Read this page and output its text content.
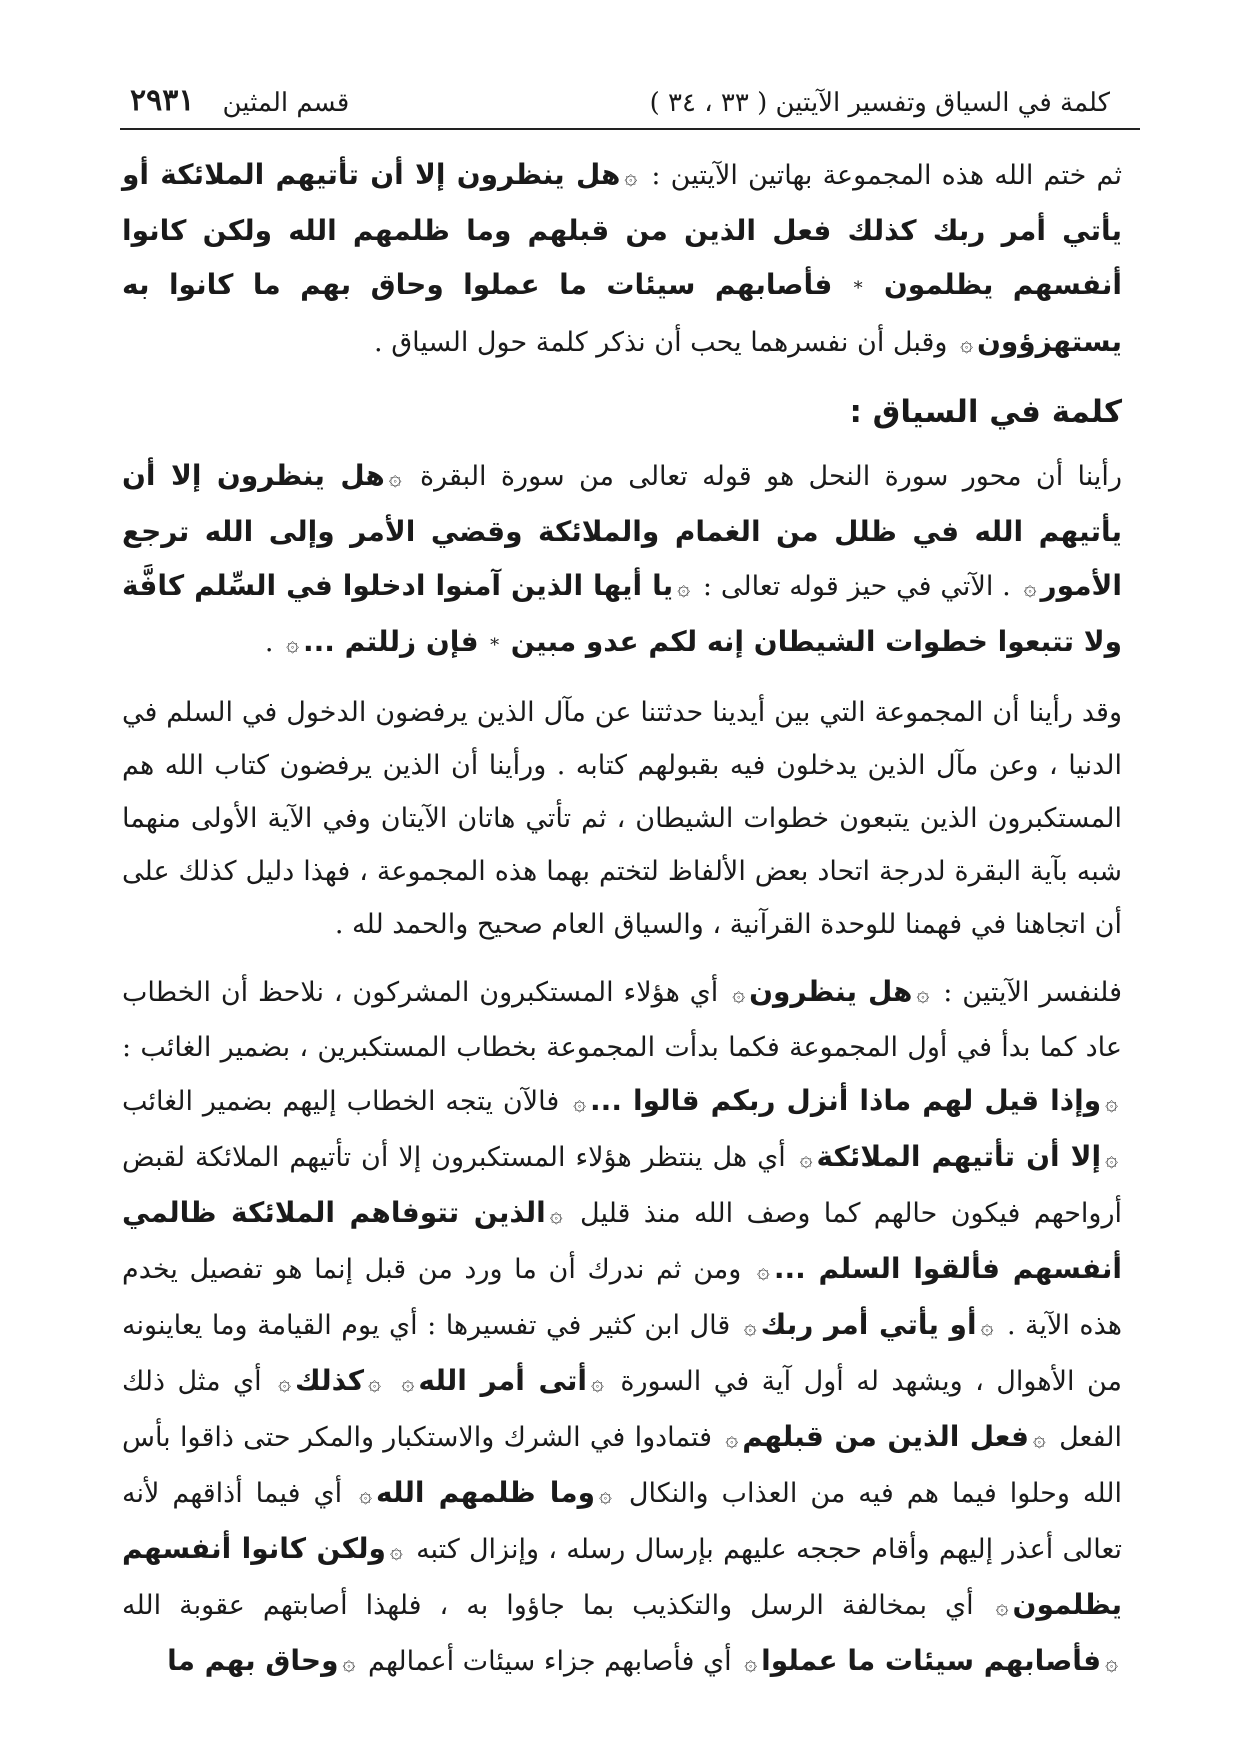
كلمة في السياق وتفسير الآيتين ( ٣٣ ، ٣٤ )
قسم المثين
٢٩٣١

ثم ختم الله هذه المجموعة بهاتين الآيتين : ۞هل ينظرون إلا أن تأتيهم الملائكة أو يأتي أمر ربك كذلك فعل الذين من قبلهم وما ظلمهم الله ولكن كانوا أنفسهم يظلمون * فأصابهم سيئات ما عملوا وحاق بهم ما كانوا به يستهزؤون۞ وقبل أن نفسرهما يحب أن نذكر كلمة حول السياق .

كلمة في السياق :

رأينا أن محور سورة النحل هو قوله تعالى من سورة البقرة ۞هل ينظرون إلا أن يأتيهم الله في ظلل من الغمام والملائكة وقضي الأمر وإلى الله ترجع الأمور۞ . الآتي في حيز قوله تعالى : ۞يا أيها الذين آمنوا ادخلوا في السِّلم كافَّة ولا تتبعوا خطوات الشيطان إنه لكم عدو مبين * فإن زللتم ...۞ .

وقد رأينا أن المجموعة التي بين أيدينا حدثتنا عن مآل الذين يرفضون الدخول في السلم في الدنيا ، وعن مآل الذين يدخلون فيه بقبولهم كتابه . ورأينا أن الذين يرفضون كتاب الله هم المستكبرون الذين يتبعون خطوات الشيطان ، ثم تأتي هاتان الآيتان وفي الآية الأولى منهما شبه بآية البقرة لدرجة اتحاد بعض الألفاظ لتختم بهما هذه المجموعة ، فهذا دليل كذلك على أن اتجاهنا في فهمنا للوحدة القرآنية ، والسياق العام صحيح والحمد لله .

فلنفسر الآيتين : ۞هل ينظرون۞ أي هؤلاء المستكبرون المشركون ، نلاحظ أن الخطاب عاد كما بدأ في أول المجموعة فكما بدأت المجموعة بخطاب المستكبرين ، بضمير الغائب : ۞وإذا قيل لهم ماذا أنزل ربكم قالوا ...۞ فالآن يتجه الخطاب إليهم بضمير الغائب ۞إلا أن تأتيهم الملائكة۞ أي هل ينتظر هؤلاء المستكبرون إلا أن تأتيهم الملائكة لقبض أرواحهم فيكون حالهم كما وصف الله منذ قليل ۞الذين تتوفاهم الملائكة ظالمي أنفسهم فألقوا السلم ...۞ ومن ثم ندرك أن ما ورد من قبل إنما هو تفصيل يخدم هذه الآية . ۞أو يأتي أمر ربك۞ قال ابن كثير في تفسيرها : أي يوم القيامة وما يعاينونه من الأهوال ، ويشهد له أول آية في السورة ۞أتى أمر الله۞ ۞كذلك۞ أي مثل ذلك الفعل ۞فعل الذين من قبلهم۞ فتمادوا في الشرك والاستكبار والمكر حتى ذاقوا بأس الله وحلوا فيما هم فيه من العذاب والنكال ۞وما ظلمهم الله۞ أي فيما أذاقهم لأنه تعالى أعذر إليهم وأقام حججه عليهم بإرسال رسله ، وإنزال كتبه ۞ولكن كانوا أنفسهم يظلمون۞ أي بمخالفة الرسل والتكذيب بما جاؤوا به ، فلهذا أصابتهم عقوبة الله ۞فأصابهم سيئات ما عملوا۞ أي فأصابهم جزاء سيئات أعمالهم ۞وحاق بهم ما
